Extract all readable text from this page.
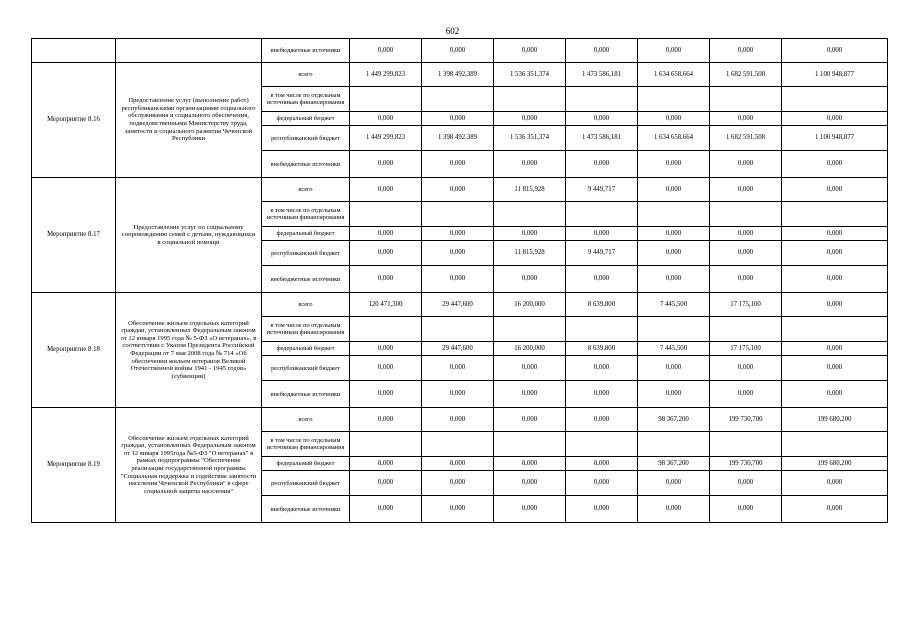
602
		внебюджетные источники	0,000	0,000	0,000	0,000	0,000	0,000	0,000
Мероприятие 8.16	Предоставление услуг (выполнение работ) республиканскими организациями социального обслуживания и социального обеспечения, подведомственными Министерству труда, занятости и социального развития Чеченской Республики	всего	1 449 299,823	1 398 492,389	1 536 351,374	1 473 586,181	1 634 658,664	1 682 591,508	1 100 948,877
		в том числе по отдельным источникам финансирования							
		федеральный бюджет	0,000	0,000	0,000	0,000	0,000	0,000	0,000
		республиканский бюджет	1 449 299,823	1 398 492,389	1 536 351,374	1 473 586,181	1 634 658,664	1 682 591,508	1 100 948,877
		внебюджетные источники	0,000	0,000	0,000	0,000	0,000	0,000	0,000
Мероприятие 8.17	Предоставление услуг по социальному сопровождению семей с детьми, нуждающихся в социальной помощи	всего	0,000	0,000	11 815,928	9 449,717	0,000	0,000	0,000
		в том числе по отдельным источникам финансирования							
		федеральный бюджет	0,000	0,000	0,000	0,000	0,000	0,000	0,000
		республиканский бюджет	0,000	0,000	11 815,928	9 449,717	0,000	0,000	0,000
		внебюджетные источники	0,000	0,000	0,000	0,000	0,000	0,000	0,000
Мероприятие 8.18	Обеспечение жильем отдельных категорий граждан, установленных Федеральным законом от 12 января 1995 года № 5-ФЗ «О ветеранах», в соответствии с Указом Президента Российской Федерации от 7 мая 2008 года № 714 «Об обеспечении жильем ветеранов Великой Отечественной войны 1941 - 1945 годов» (субвенции)	всего	120 471,300	29 447,600	16 200,000	8 639,800	7 445,500	17 175,100	0,000
		в том числе по отдельным источникам финансирования							
		федеральный бюджет	0,000	29 447,600	16 200,000	8 639,800	7 445,500	17 175,100	0,000
		республиканский бюджет	0,000	0,000	0,000	0,000	0,000	0,000	0,000
		внебюджетные источники	0,000	0,000	0,000	0,000	0,000	0,000	0,000
Мероприятие 8.19	Обеспечение жильем отдельных категорий граждан, установленных Федеральным законом от 12 января 1995года №5-ФЗ "О ветеранах" в рамках подпрограммы "Обеспечение реализации государственной программы "Социальная поддержка и содействие занятости населения Чеченской Республики" в сфере социальной защиты населения"	всего	0,000	0,000	0,000	0,000	98 367,200	199 730,700	199 680,200
		в том числе по отдельным источникам финансирования							
		федеральный бюджет	0,000	0,000	0,000	0,000	98 367,200	199 730,700	199 680,200
		республиканский бюджет	0,000	0,000	0,000	0,000	0,000	0,000	0,000
		внебюджетные источники	0,000	0,000	0,000	0,000	0,000	0,000	0,000
